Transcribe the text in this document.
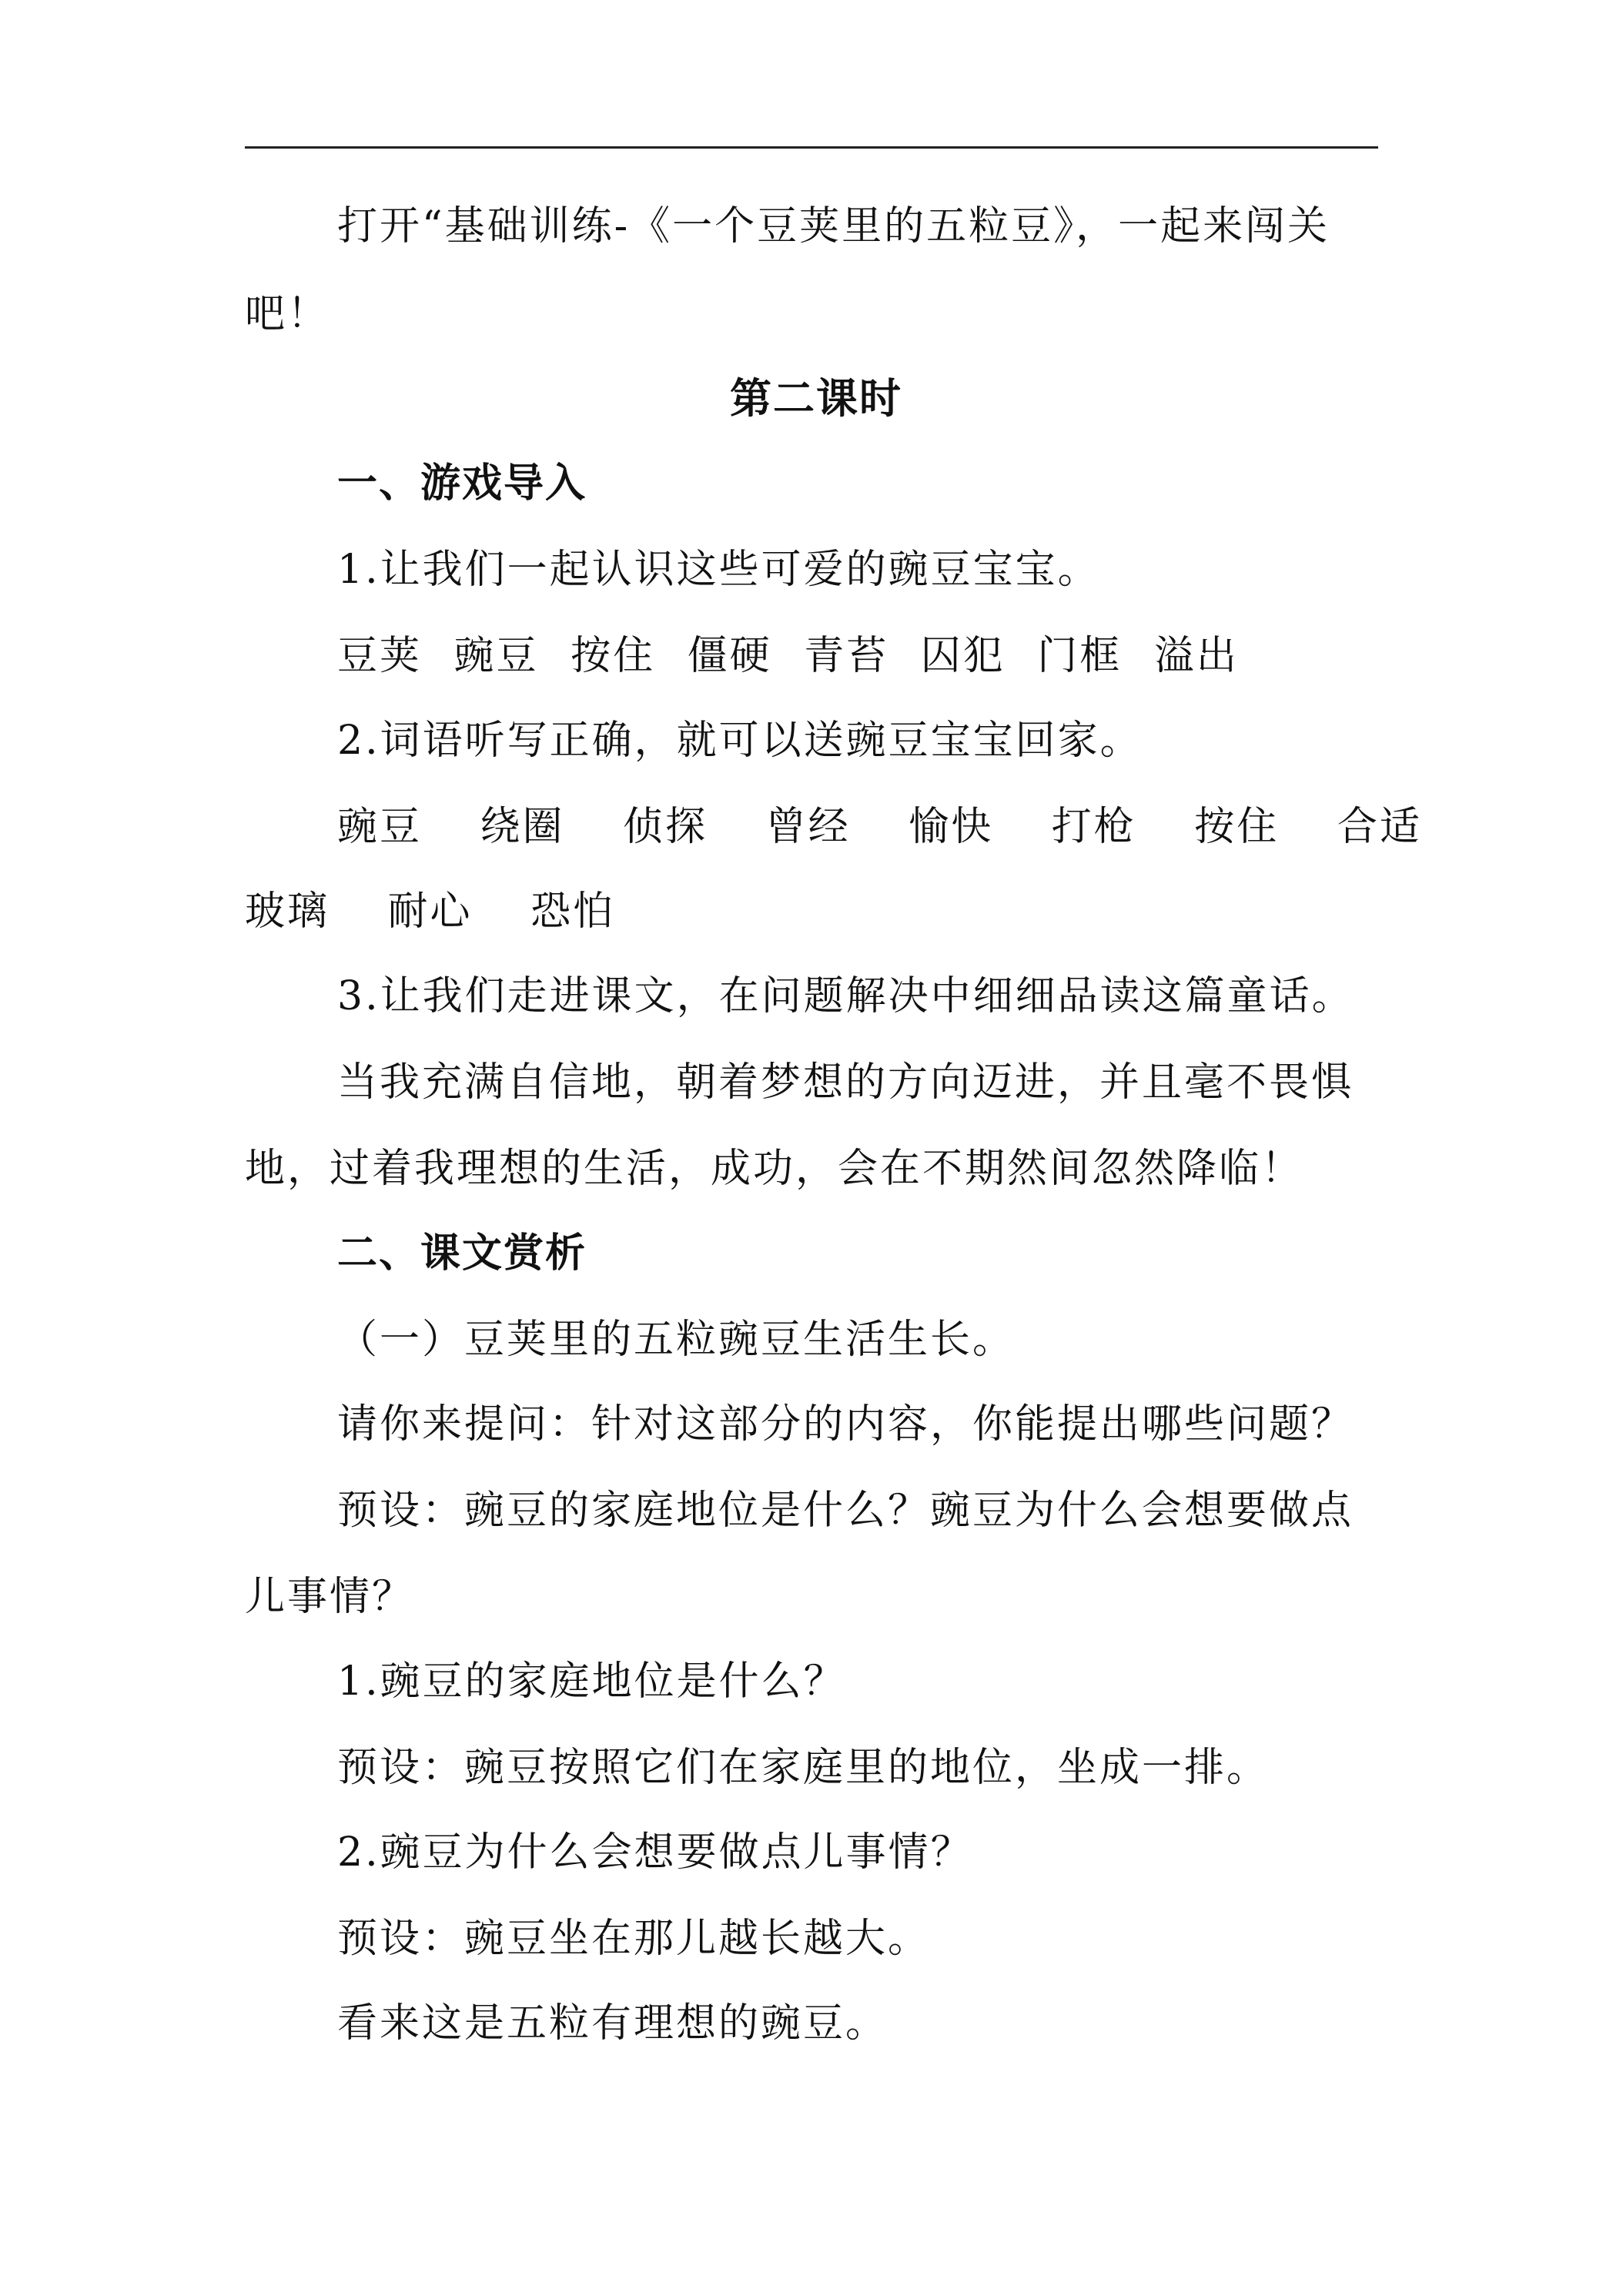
打开“基础训练-《一个豆荚里的五粒豆》，一起来闯关
吧！
第二课时
一、游戏导入
1.让我们一起认识这些可爱的豌豆宝宝。
豆荚 豌豆 按住 僵硬 青苔 囚犯 门框 溢出
2.词语听写正确，就可以送豌豆宝宝回家。
豌豆 绕圈 侦探 曾经 愉快 打枪 按住 合适
玻璃 耐心 恐怕
3.让我们走进课文，在问题解决中细细品读这篇童话。
当我充满自信地，朝着梦想的方向迈进，并且毫不畏惧
地，过着我理想的生活，成功，会在不期然间忽然降临！
二、课文赏析
（一）豆荚里的五粒豌豆生活生长。
请你来提问：针对这部分的内容，你能提出哪些问题？
预设：豌豆的家庭地位是什么？豌豆为什么会想要做点
儿事情？
1.豌豆的家庭地位是什么？
预设：豌豆按照它们在家庭里的地位，坐成一排。
2.豌豆为什么会想要做点儿事情？
预设：豌豆坐在那儿越长越大。
看来这是五粒有理想的豌豆。
